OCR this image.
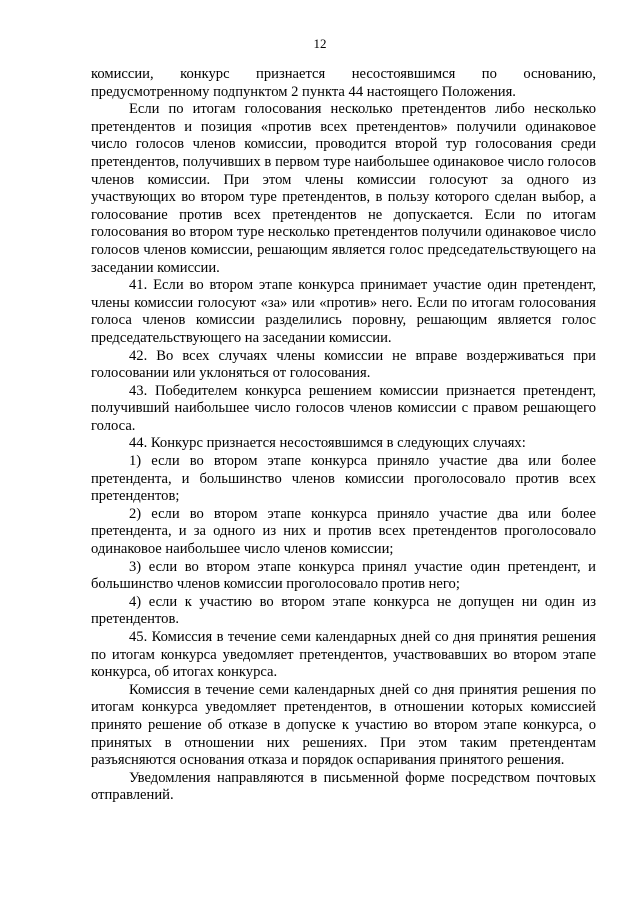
12

комиссии, конкурс признается несостоявшимся по основанию, предусмотренному подпунктом 2 пункта 44 настоящего Положения.

Если по итогам голосования несколько претендентов либо несколько претендентов и позиция «против всех претендентов» получили одинаковое число голосов членов комиссии, проводится второй тур голосования среди претендентов, получивших в первом туре наибольшее одинаковое число голосов членов комиссии. При этом члены комиссии голосуют за одного из участвующих во втором туре претендентов, в пользу которого сделан выбор, а голосование против всех претендентов не допускается. Если по итогам голосования во втором туре несколько претендентов получили одинаковое число голосов членов комиссии, решающим является голос председательствующего на заседании комиссии.

41. Если во втором этапе конкурса принимает участие один претендент, члены комиссии голосуют «за» или «против» него. Если по итогам голосования голоса членов комиссии разделились поровну, решающим является голос председательствующего на заседании комиссии.

42. Во всех случаях члены комиссии не вправе воздерживаться при голосовании или уклоняться от голосования.

43. Победителем конкурса решением комиссии признается претендент, получивший наибольшее число голосов членов комиссии с правом решающего голоса.

44. Конкурс признается несостоявшимся в следующих случаях:

1) если во втором этапе конкурса приняло участие два или более претендента, и большинство членов комиссии проголосовало против всех претендентов;

2) если во втором этапе конкурса приняло участие два или более претендента, и за одного из них и против всех претендентов проголосовало одинаковое наибольшее число членов комиссии;

3) если во втором этапе конкурса принял участие один претендент, и большинство членов комиссии проголосовало против него;

4) если к участию во втором этапе конкурса не допущен ни один из претендентов.

45. Комиссия в течение семи календарных дней со дня принятия решения по итогам конкурса уведомляет претендентов, участвовавших во втором этапе конкурса, об итогах конкурса.

Комиссия в течение семи календарных дней со дня принятия решения по итогам конкурса уведомляет претендентов, в отношении которых комиссией принято решение об отказе в допуске к участию во втором этапе конкурса, о принятых в отношении них решениях. При этом таким претендентам разъясняются основания отказа и порядок оспаривания принятого решения.

Уведомления направляются в письменной форме посредством почтовых отправлений.
